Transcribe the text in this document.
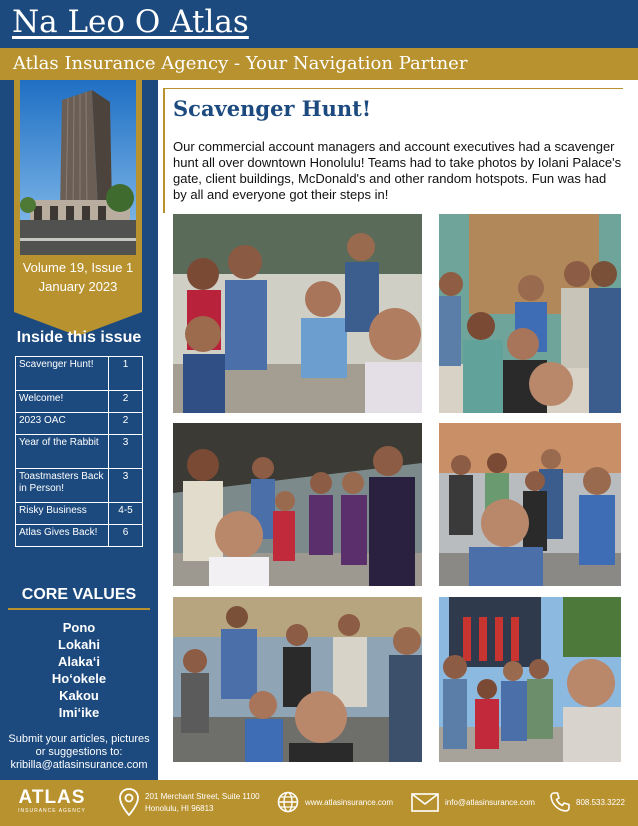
Na Leo O Atlas
Atlas Insurance Agency - Your Navigation Partner
Volume 19, Issue 1
January 2023
Inside this issue
Scavenger Hunt!	1
Welcome!	2
2023 OAC	2
Year of the Rabbit	3
Toastmasters Back in Person!	3
Risky Business	4-5
Atlas Gives Back!	6
CORE VALUES
Pono
Lokahi
Alaka‘i
Ho‘okele
Kakou
Imi‘ike
Submit your articles, pictures
or suggestions to:
kribilla@atlasinsurance.com
Scavenger Hunt!
Our commercial account managers and account executives had a scavenger hunt all over downtown Honolulu! Teams had to take photos by Iolani Palace's gate, client buildings, McDonald's and other random hotspots. Fun was had by all and everyone got their steps in!
ATLAS
INSURANCE AGENCY
201 Merchant Street, Suite 1100
Honolulu, HI 96813
www.atlasinsurance.com	info@atlasinsurance.com	808.533.3222
